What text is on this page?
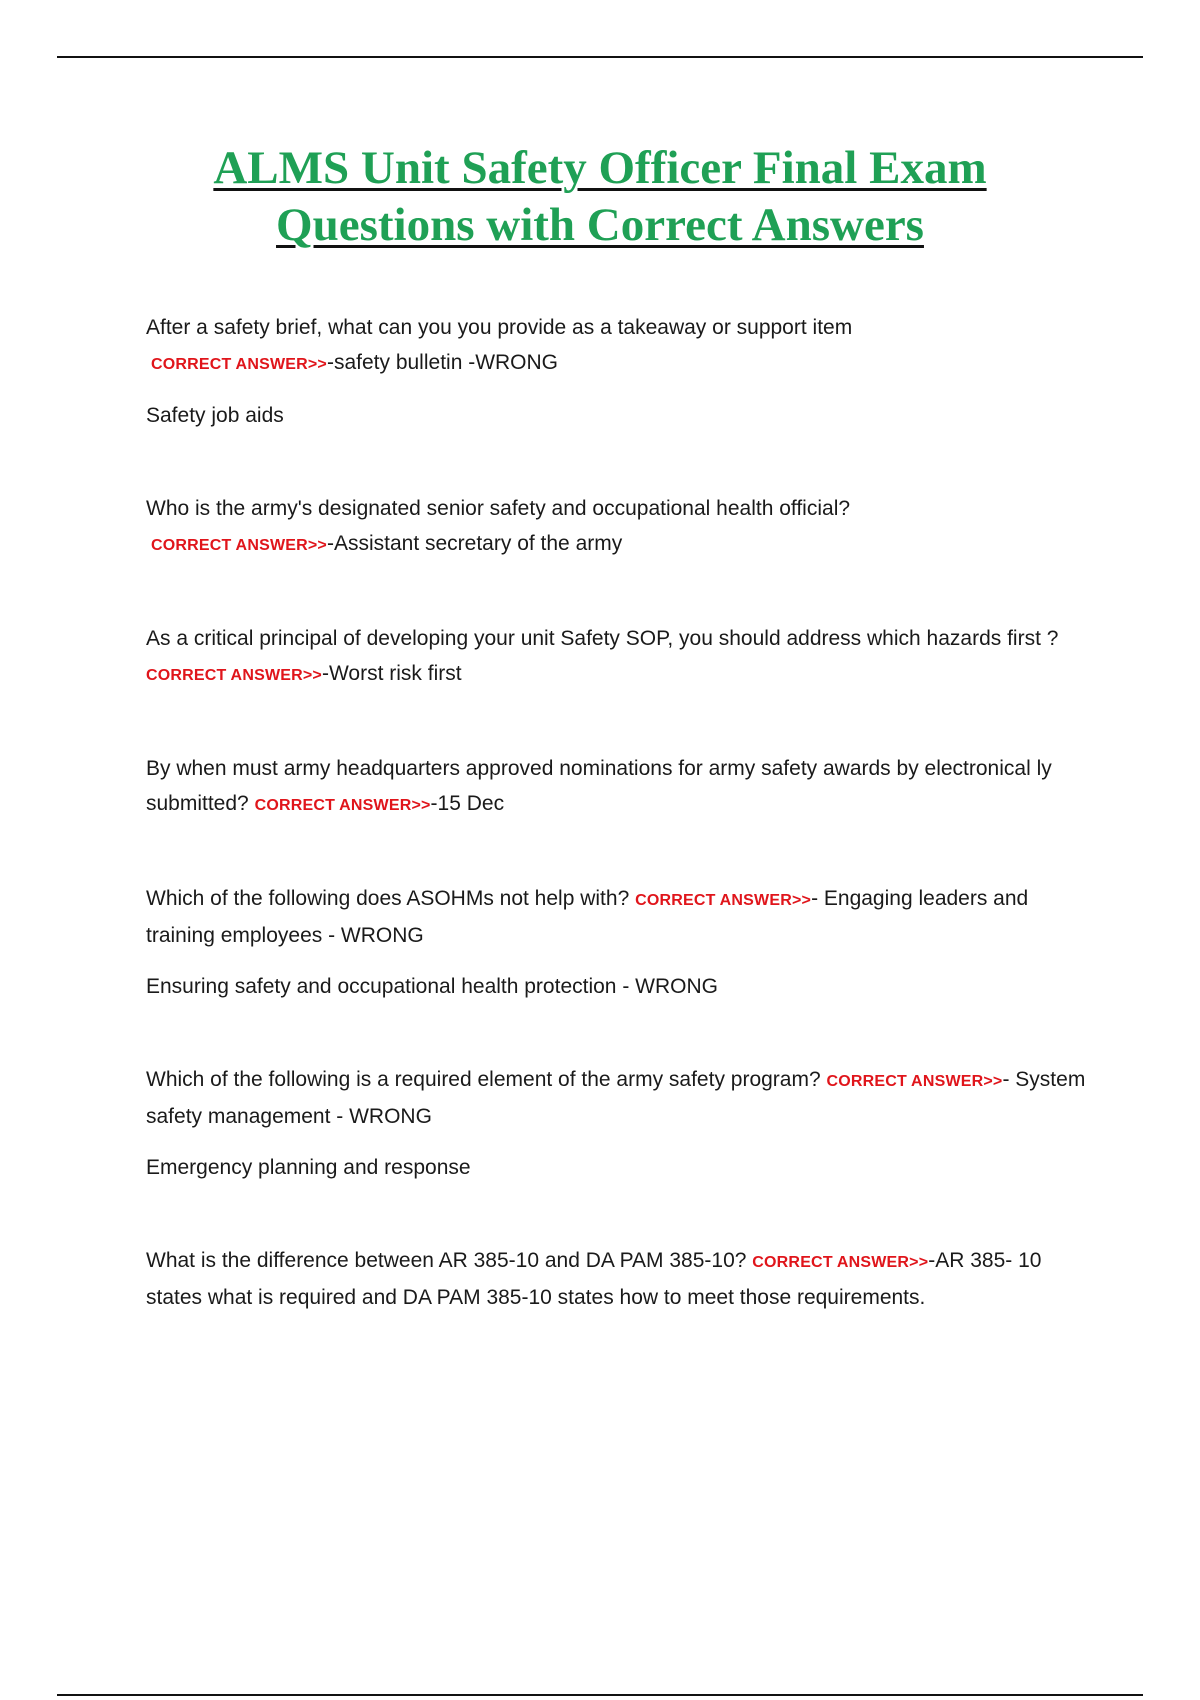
ALMS Unit Safety Officer Final Exam
Questions with Correct Answers

After a safety brief, what can you you provide as a takeaway or support item
CORRECT ANSWER>>-safety bulletin -WRONG

Safety job aids

Who is the army's designated senior safety and occupational health official?
CORRECT ANSWER>>-Assistant secretary of the army

As a critical principal of developing your unit Safety SOP, you should address which hazards first ? CORRECT ANSWER>>-Worst risk first

By when must army headquarters approved nominations for army safety awards by electronical ly submitted? CORRECT ANSWER>>-15 Dec

Which of the following does ASOHMs not help with? CORRECT ANSWER>>- Engaging leaders and training employees - WRONG

Ensuring safety and occupational health protection - WRONG

Which of the following is a required element of the army safety program? CORRECT ANSWER>>- System safety management - WRONG

Emergency planning and response

What is the difference between AR 385-10 and DA PAM 385-10? CORRECT ANSWER>>-AR 385- 10 states what is required and DA PAM 385-10 states how to meet those requirements.
